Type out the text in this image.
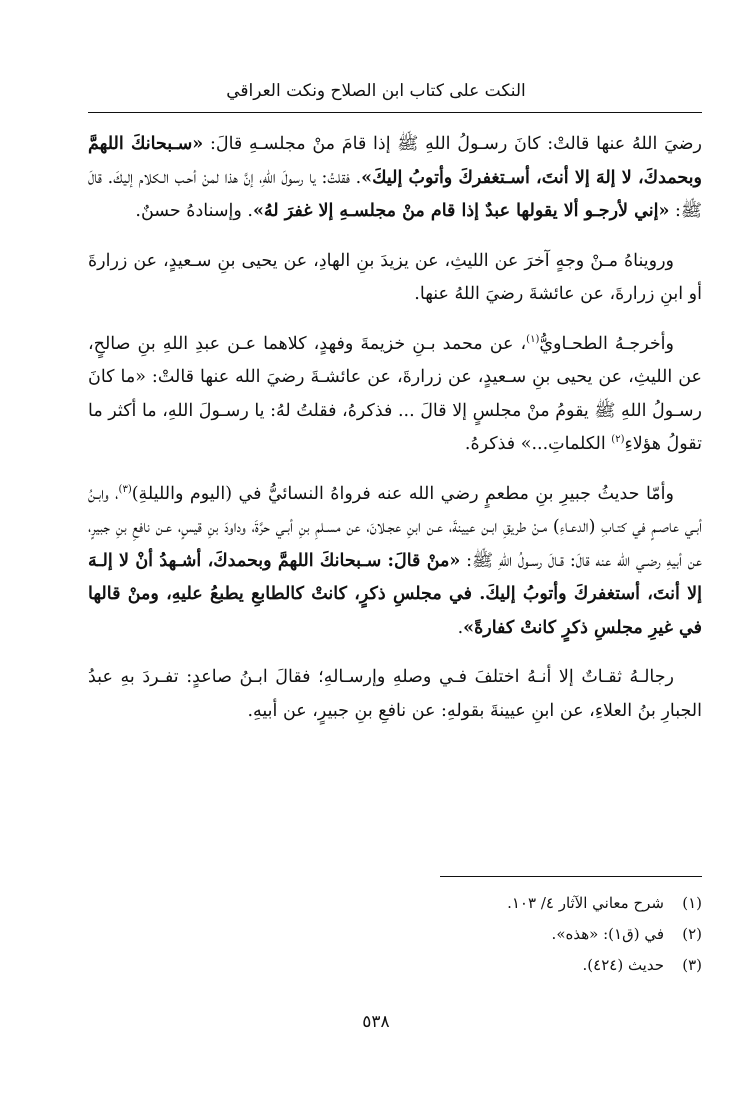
النكت على كتاب ابن الصلاح ونكت العراقي

رضيَ اللهُ عنها قالتْ: كانَ رسـولُ اللهِ ﷺ إذا قامَ منْ مجلسـهِ قالَ: «سـبحانكَ اللهمَّ وبحمدكَ، لا إلهَ إلا أنتَ، أسـتغفركَ وأتوبُ إليكَ». فقلتُ: يا رسولَ اللهِ، إنَّ هذا لمنْ أحـب الـكلام إليكَ. قالَ ﷺ: «إني لأرجـو ألا يقولها عبدٌ إذا قام منْ مجلسـهِ إلا غفرَ لهُ». وإسنادهُ حسنٌ.

ورويناهُ مـنْ وجهٍ آخرَ عن الليثِ، عن يزيدَ بنِ الهادِ، عن يحيى بنِ سـعيدٍ، عن زرارةَ أو ابنِ زرارةَ، عن عائشةَ رضيَ اللهُ عنها.

وأخرجـهُ الطحـاويُّ$^{(١)}$، عن محمد بـنِ خزيمةَ وفهدٍ، كلاهما عـن عبدِ اللهِ بنِ صالحٍ، عن الليثِ، عن يحيى بنِ سـعيدٍ، عن زرارةَ، عن عائشـةَ رضيَ الله عنها قالتْ: «ما كانَ رسـولُ اللهِ ﷺ يقومُ منْ مجلسٍ إلا قالَ ... فذكرهُ، فقلتُ لهُ: يا رسـولَ اللهِ، ما أكثر ما تقولُ هؤلاءِ$^{(٢)}$ الكلماتِ...» فذكرهُ.

وأمّا حديثُ جبيرِ بنِ مطعمٍ رضي الله عنه فرواهُ النسائيُّ في (اليوم والليلةِ)$^{(٣)}$، وابـنُ أبـي عاصـمٍ في كتـابِ (الدعـاءِ) مـنْ طريقِ ابـن عيينةَ، عـن ابنِ عجـلانَ، عن مسـلمِ بنِ أبـي حرَّةَ، وداودَ بنِ قيسٍ، عـن نافعِ بنِ جبيرٍ، عن أبيهِ رضـي الله عنه قالَ: قـالَ رسـولُ اللهِ ﷺ: «منْ قالَ: سـبحانكَ اللهمَّ وبحمدكَ، أشـهدُ أنْ لا إلـهَ إلا أنتَ، أستغفركَ وأتوبُ إليكَ. في مجلسِ ذكرٍ، كانتْ كالطابعِ يطبعُ عليهِ، ومنْ قالها في غيرِ مجلسِ ذكرٍ كانتْ كفارةً».

رجالـهُ ثقـاتٌ إلا أنـهُ اختلفَ فـي وصلهِ وإرسـالهِ؛ فقالَ ابـنُ صاعدٍ: تفـردَ بهِ عبدُ الجبارِ بنُ العلاءِ، عن ابنِ عيينةَ بقولهِ: عن نافعِ بنِ جبيرٍ، عن أبيهِ.

(١)
شرح معاني الآثار ٤/ ١٠٣.
(٢)
في (ق١): «هذه».
(٣)
حديث (٤٢٤).
٥٣٨
